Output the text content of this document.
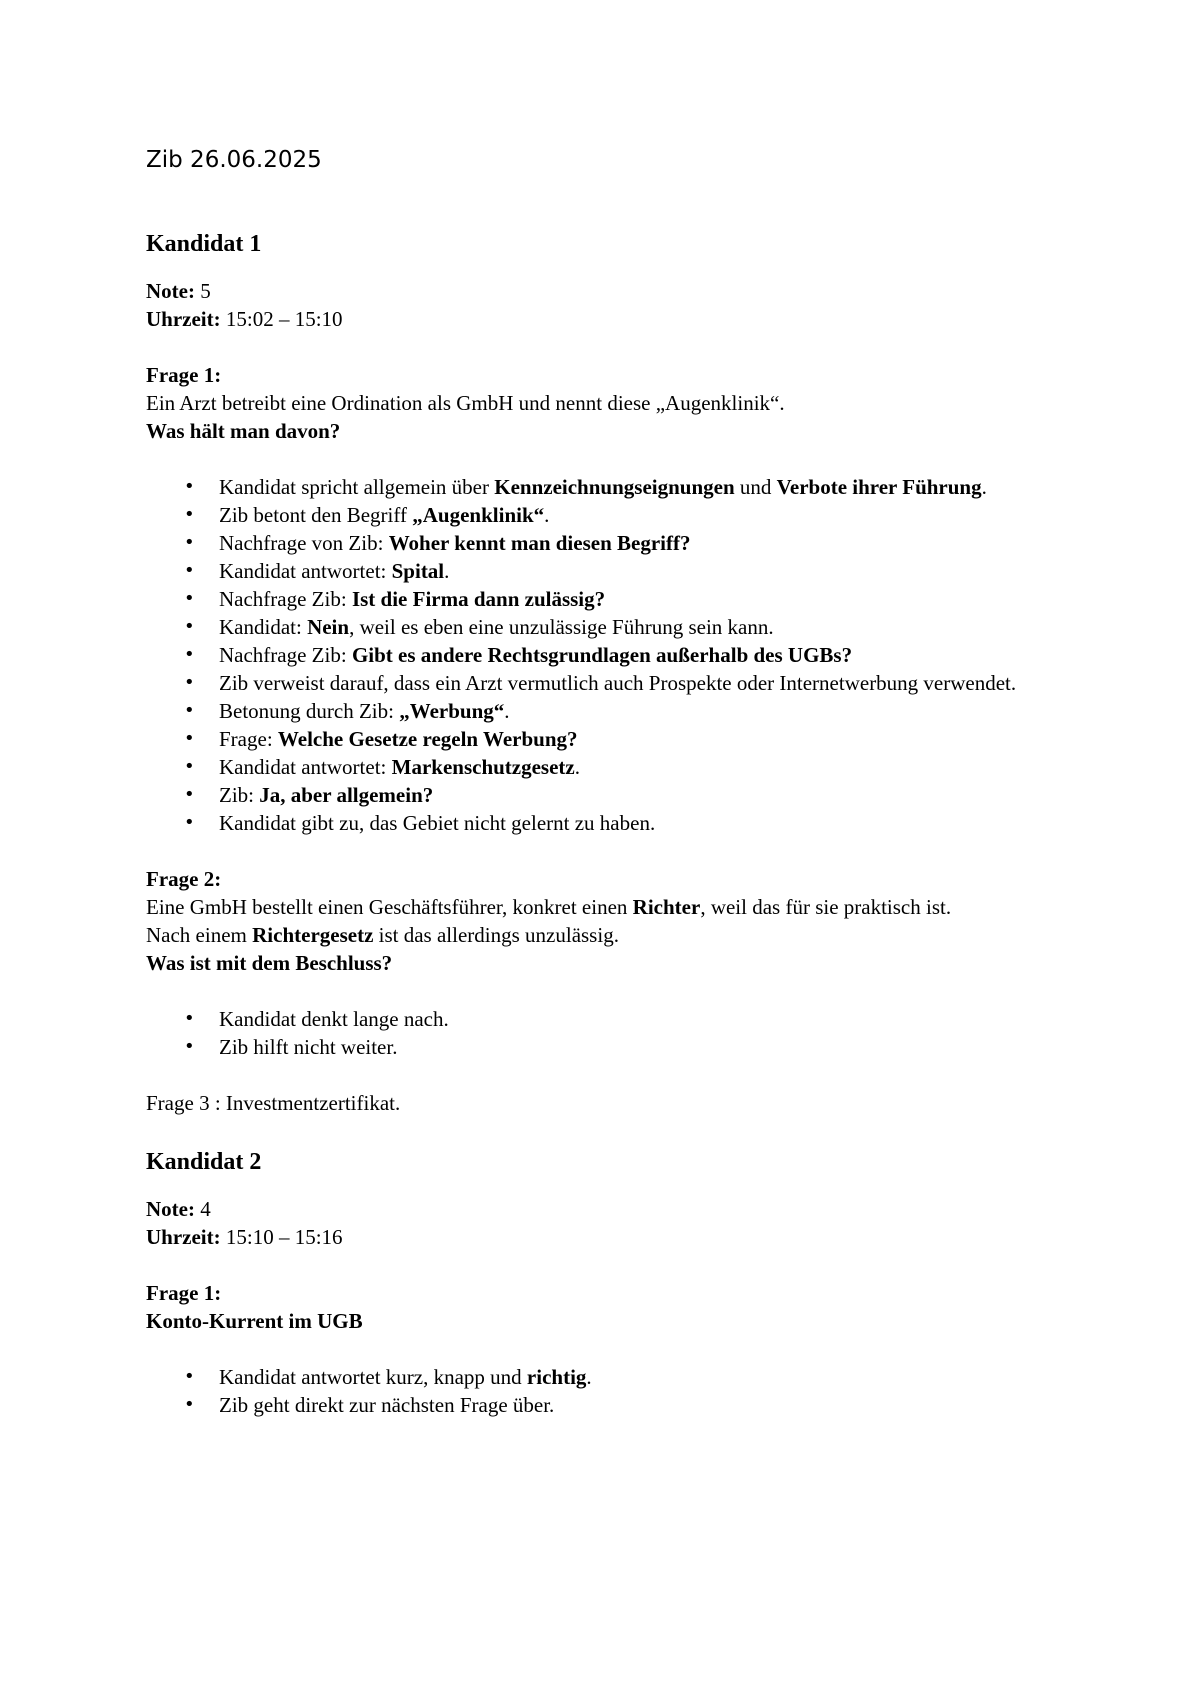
Zib 26.06.2025
Kandidat 1

Note: 5

Uhrzeit: 15:02 – 15:10

Frage 1:

Ein Arzt betreibt eine Ordination als GmbH und nennt diese „Augenklinik“.

Was hält man davon?

• Kandidat spricht allgemein über Kennzeichnungseignungen und Verbote ihrer Führung.
• Zib betont den Begriff „Augenklinik“.
• Nachfrage von Zib: Woher kennt man diesen Begriff?
• Kandidat antwortet: Spital.
• Nachfrage Zib: Ist die Firma dann zulässig?
• Kandidat: Nein, weil es eben eine unzulässige Führung sein kann.
• Nachfrage Zib: Gibt es andere Rechtsgrundlagen außerhalb des UGBs?
• Zib verweist darauf, dass ein Arzt vermutlich auch Prospekte oder Internetwerbung verwendet.
• Betonung durch Zib: „Werbung“.
• Frage: Welche Gesetze regeln Werbung?
• Kandidat antwortet: Markenschutzgesetz.
• Zib: Ja, aber allgemein?
• Kandidat gibt zu, das Gebiet nicht gelernt zu haben.

Frage 2:

Eine GmbH bestellt einen Geschäftsführer, konkret einen Richter, weil das für sie praktisch ist.

Nach einem Richtergesetz ist das allerdings unzulässig.

Was ist mit dem Beschluss?

• Kandidat denkt lange nach.
• Zib hilft nicht weiter.

Frage 3 : Investmentzertifikat.

Kandidat 2

Note: 4

Uhrzeit: 15:10 – 15:16

Frage 1:

Konto-Kurrent im UGB

• Kandidat antwortet kurz, knapp und richtig.
• Zib geht direkt zur nächsten Frage über.
